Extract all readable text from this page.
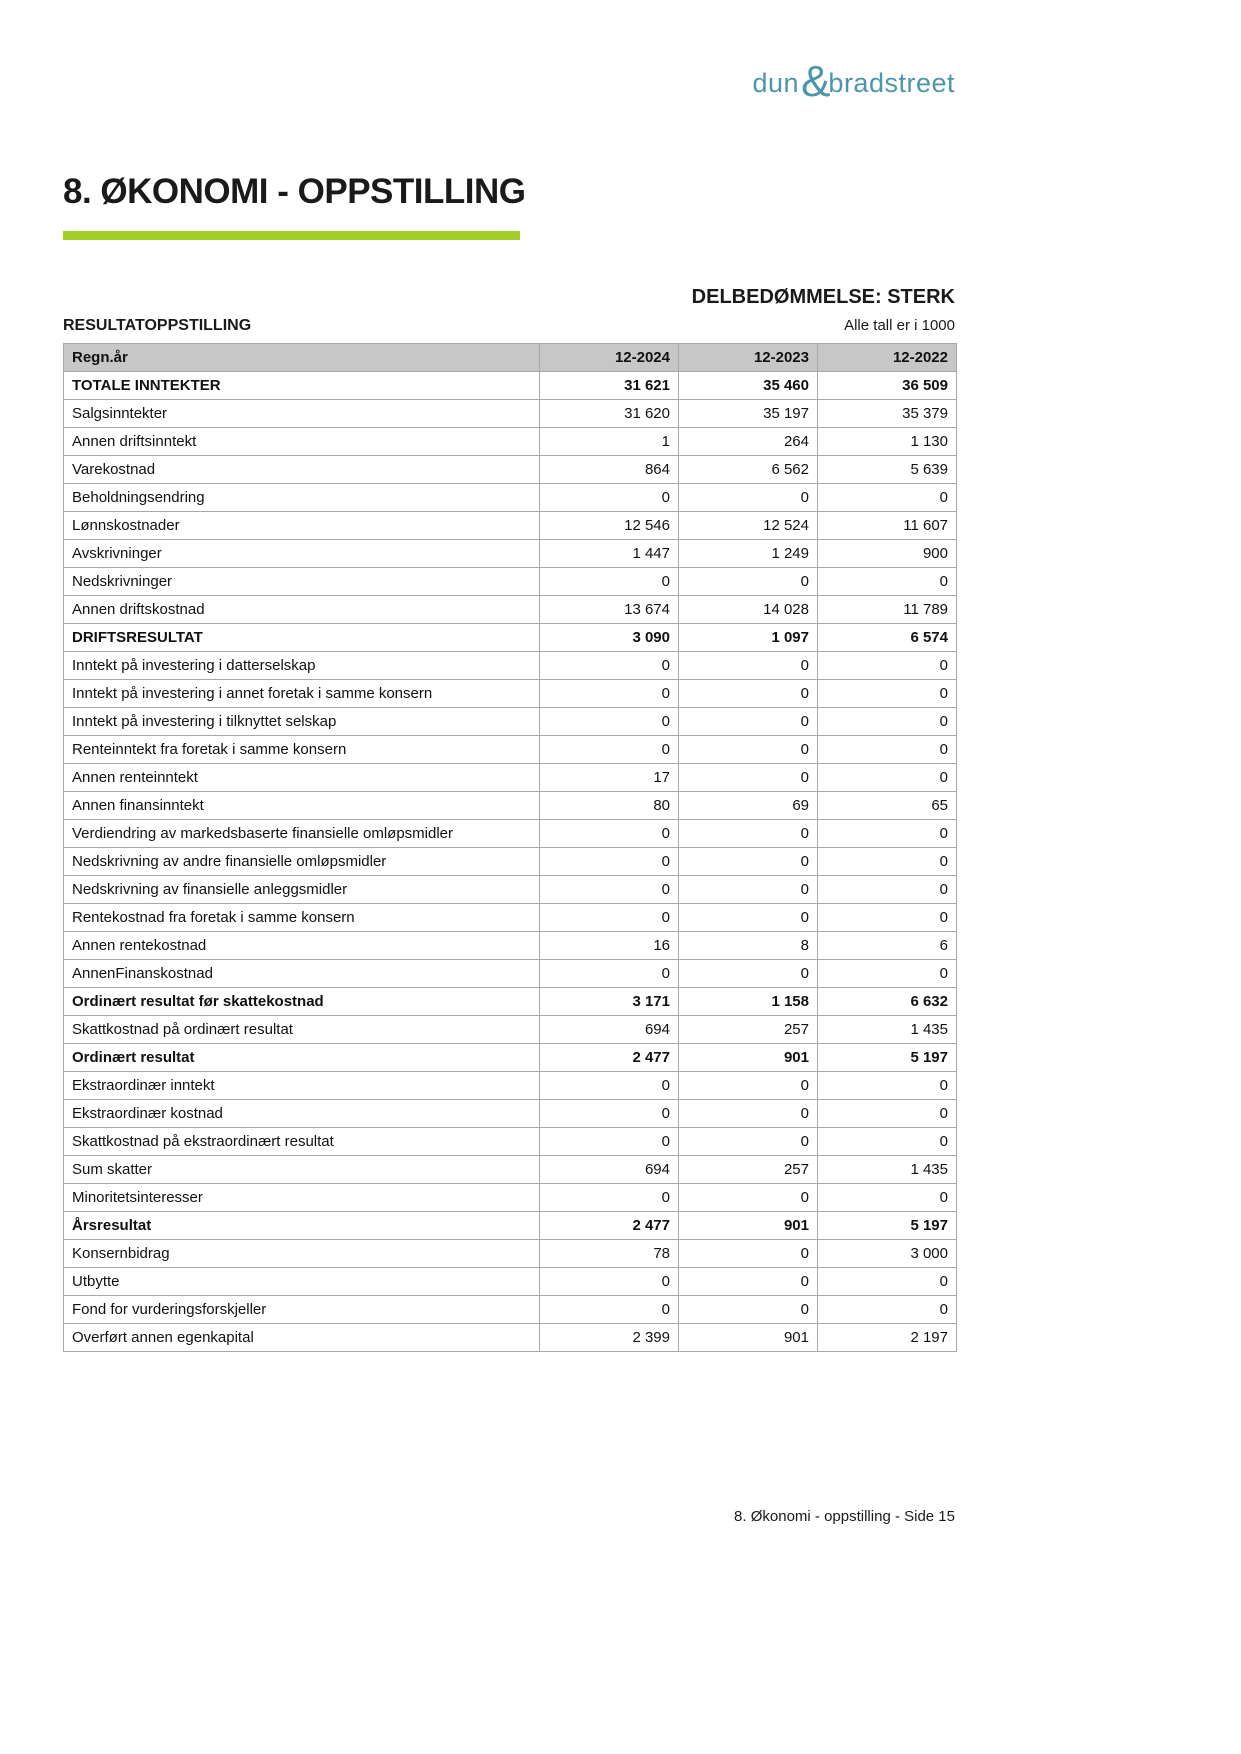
dun &
bradstreet
8. ØKONOMI - OPPSTILLING
DELBEDØMMELSE: STERK
RESULTATOPPSTILLING	Alle tall er i 1000
Regn.år	12-2024	12-2023	12-2022
TOTALE INNTEKTER	31 621	35 460	36 509
Salgsinntekter	31 620	35 197	35 379
Annen driftsinntekt	1	264	1 130
Varekostnad	864	6 562	5 639
Beholdningsendring	0	0	0
Lønnskostnader	12 546	12 524	11 607
Avskrivninger	1 447	1 249	900
Nedskrivninger	0	0	0
Annen driftskostnad	13 674	14 028	11 789
DRIFTSRESULTAT	3 090	1 097	6 574
Inntekt på investering i datterselskap	0	0	0
Inntekt på investering i annet foretak i samme konsern	0	0	0
Inntekt på investering i tilknyttet selskap	0	0	0
Renteinntekt fra foretak i samme konsern	0	0	0
Annen renteinntekt	17	0	0
Annen finansinntekt	80	69	65
Verdiendring av markedsbaserte finansielle omløpsmidler	0	0	0
Nedskrivning av andre finansielle omløpsmidler	0	0	0
Nedskrivning av finansielle anleggsmidler	0	0	0
Rentekostnad fra foretak i samme konsern	0	0	0
Annen rentekostnad	16	8	6
AnnenFinanskostnad	0	0	0
Ordinært resultat før skattekostnad	3 171	1 158	6 632
Skattkostnad på ordinært resultat	694	257	1 435
Ordinært resultat	2 477	901	5 197
Ekstraordinær inntekt	0	0	0
Ekstraordinær kostnad	0	0	0
Skattkostnad på ekstraordinært resultat	0	0	0
Sum skatter	694	257	1 435
Minoritetsinteresser	0	0	0
Årsresultat	2 477	901	5 197
Konsernbidrag	78	0	3 000
Utbytte	0	0	0
Fond for vurderingsforskjeller	0	0	0
Overført annen egenkapital	2 399	901	2 197
8. Økonomi - oppstilling - Side 15
